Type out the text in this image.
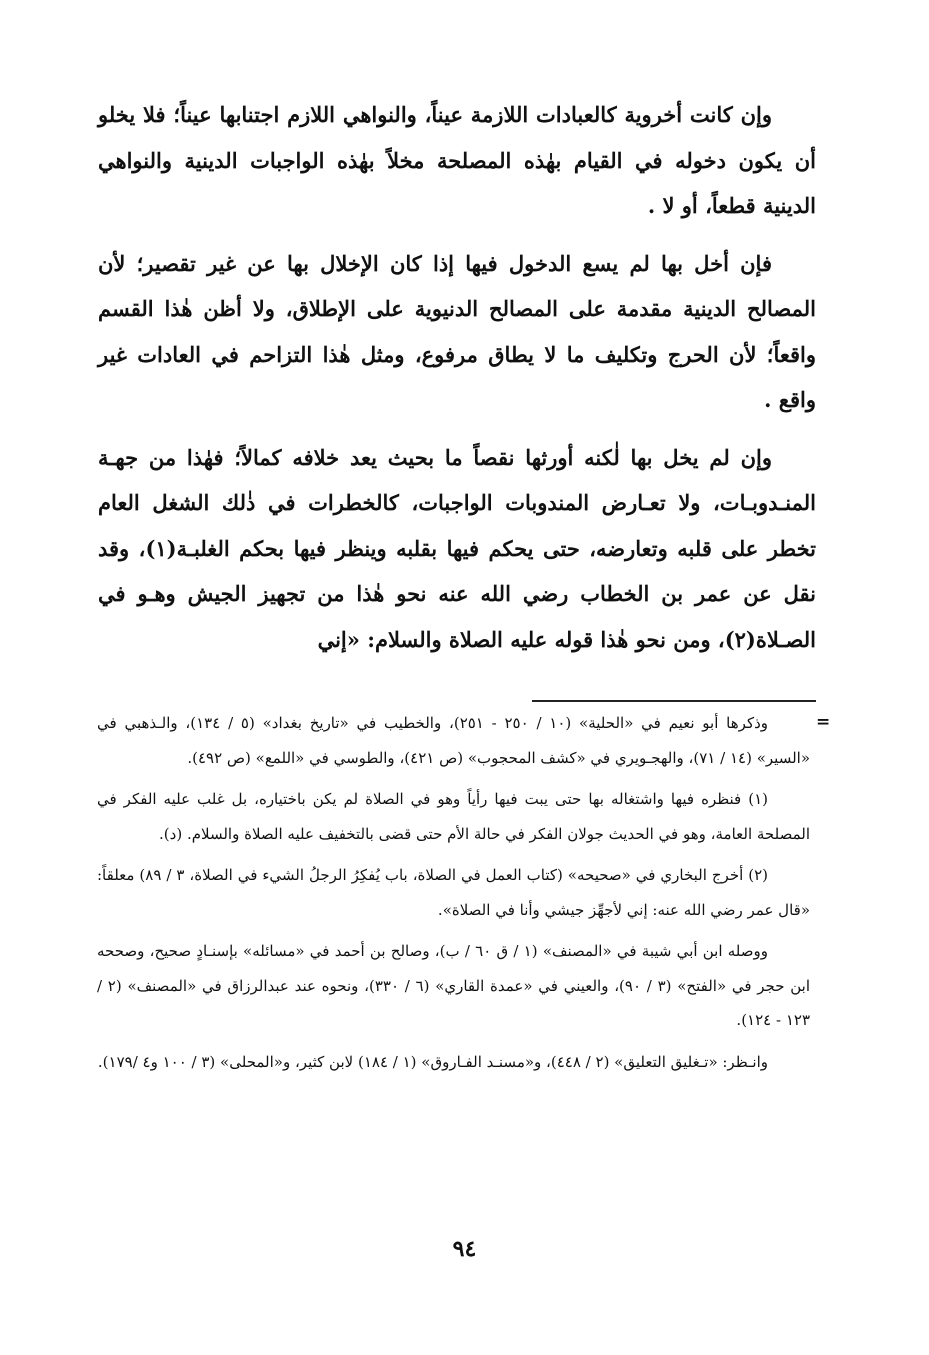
وإن كانت أخروية كالعبادات اللازمة عيناً، والنواهي اللازم اجتنابها عيناً؛ فلا يخلو أن يكون دخوله في القيام بهٰذه المصلحة مخلاً بهٰذه الواجبات الدينية والنواهي الدينية قطعاً، أو لا .

فإن أخل بها لم يسع الدخول فيها إذا كان الإخلال بها عن غير تقصير؛ لأن المصالح الدينية مقدمة على المصالح الدنيوية على الإطلاق، ولا أظن هٰذا القسم واقعاً؛ لأن الحرج وتكليف ما لا يطاق مرفوع، ومثل هٰذا التزاحم في العادات غير واقع .

وإن لم يخل بها لٰكنه أورثها نقصاً ما بحيث يعد خلافه كمالاً؛ فهٰذا من جهـة المنـدوبـات، ولا تعـارض المندوبات الواجبات، كالخطرات في ذٰلك الشغل العام تخطر على قلبه وتعارضه، حتى يحكم فيها بقلبه وينظر فيها بحكم الغلبـة(١)، وقد نقل عن عمر بن الخطاب رضي الله عنه نحو هٰذا من تجهيز الجيش وهـو في الصـلاة(٢)، ومن نحو هٰذا قوله عليه الصلاة والسلام: «إني

=

وذكرها أبو نعيم في «الحلية» (١٠ / ٢٥٠ - ٢٥١)، والخطيب في «تاريخ بغداد» (٥ / ١٣٤)، والـذهبي في «السير» (١٤ / ٧١)، والهجـويري في «كشف المحجوب» (ص ٤٢١)، والطوسي في «اللمع» (ص ٤٩٢).

(١) فنظره فيها واشتغاله بها حتى يبت فيها رأياً وهو في الصلاة لم يكن باختياره، بل غلب عليه الفكر في المصلحة العامة، وهو في الحديث جولان الفكر في حالة الأم حتى قضى بالتخفيف عليه الصلاة والسلام. (د).

(٢) أخرج البخاري في «صحيحه» (كتاب العمل في الصلاة، باب يُفكِرُ الرجلُ الشيء في الصلاة، ٣ / ٨٩) معلقاً: «قال عمر رضي الله عنه: إني لأجهِّز جيشي وأنا في الصلاة».

ووصله ابن أبي شيبة في «المصنف» (١ / ق ٦٠ / ب)، وصالح بن أحمد في «مسائله» بإسنـادٍ صحيح، وصححه ابن حجر في «الفتح» (٣ / ٩٠)، والعيني في «عمدة القاري» (٦ / ٣٣٠)، ونحوه عند عبدالرزاق في «المصنف» (٢ / ١٢٣ - ١٢٤).

وانـظر: «تـغليق التعليق» (٢ / ٤٤٨)، و«مسنـد الفـاروق» (١ / ١٨٤) لابن كثير، و«المحلى» (٣ / ١٠٠ و٤ /١٧٩).

٩٤
